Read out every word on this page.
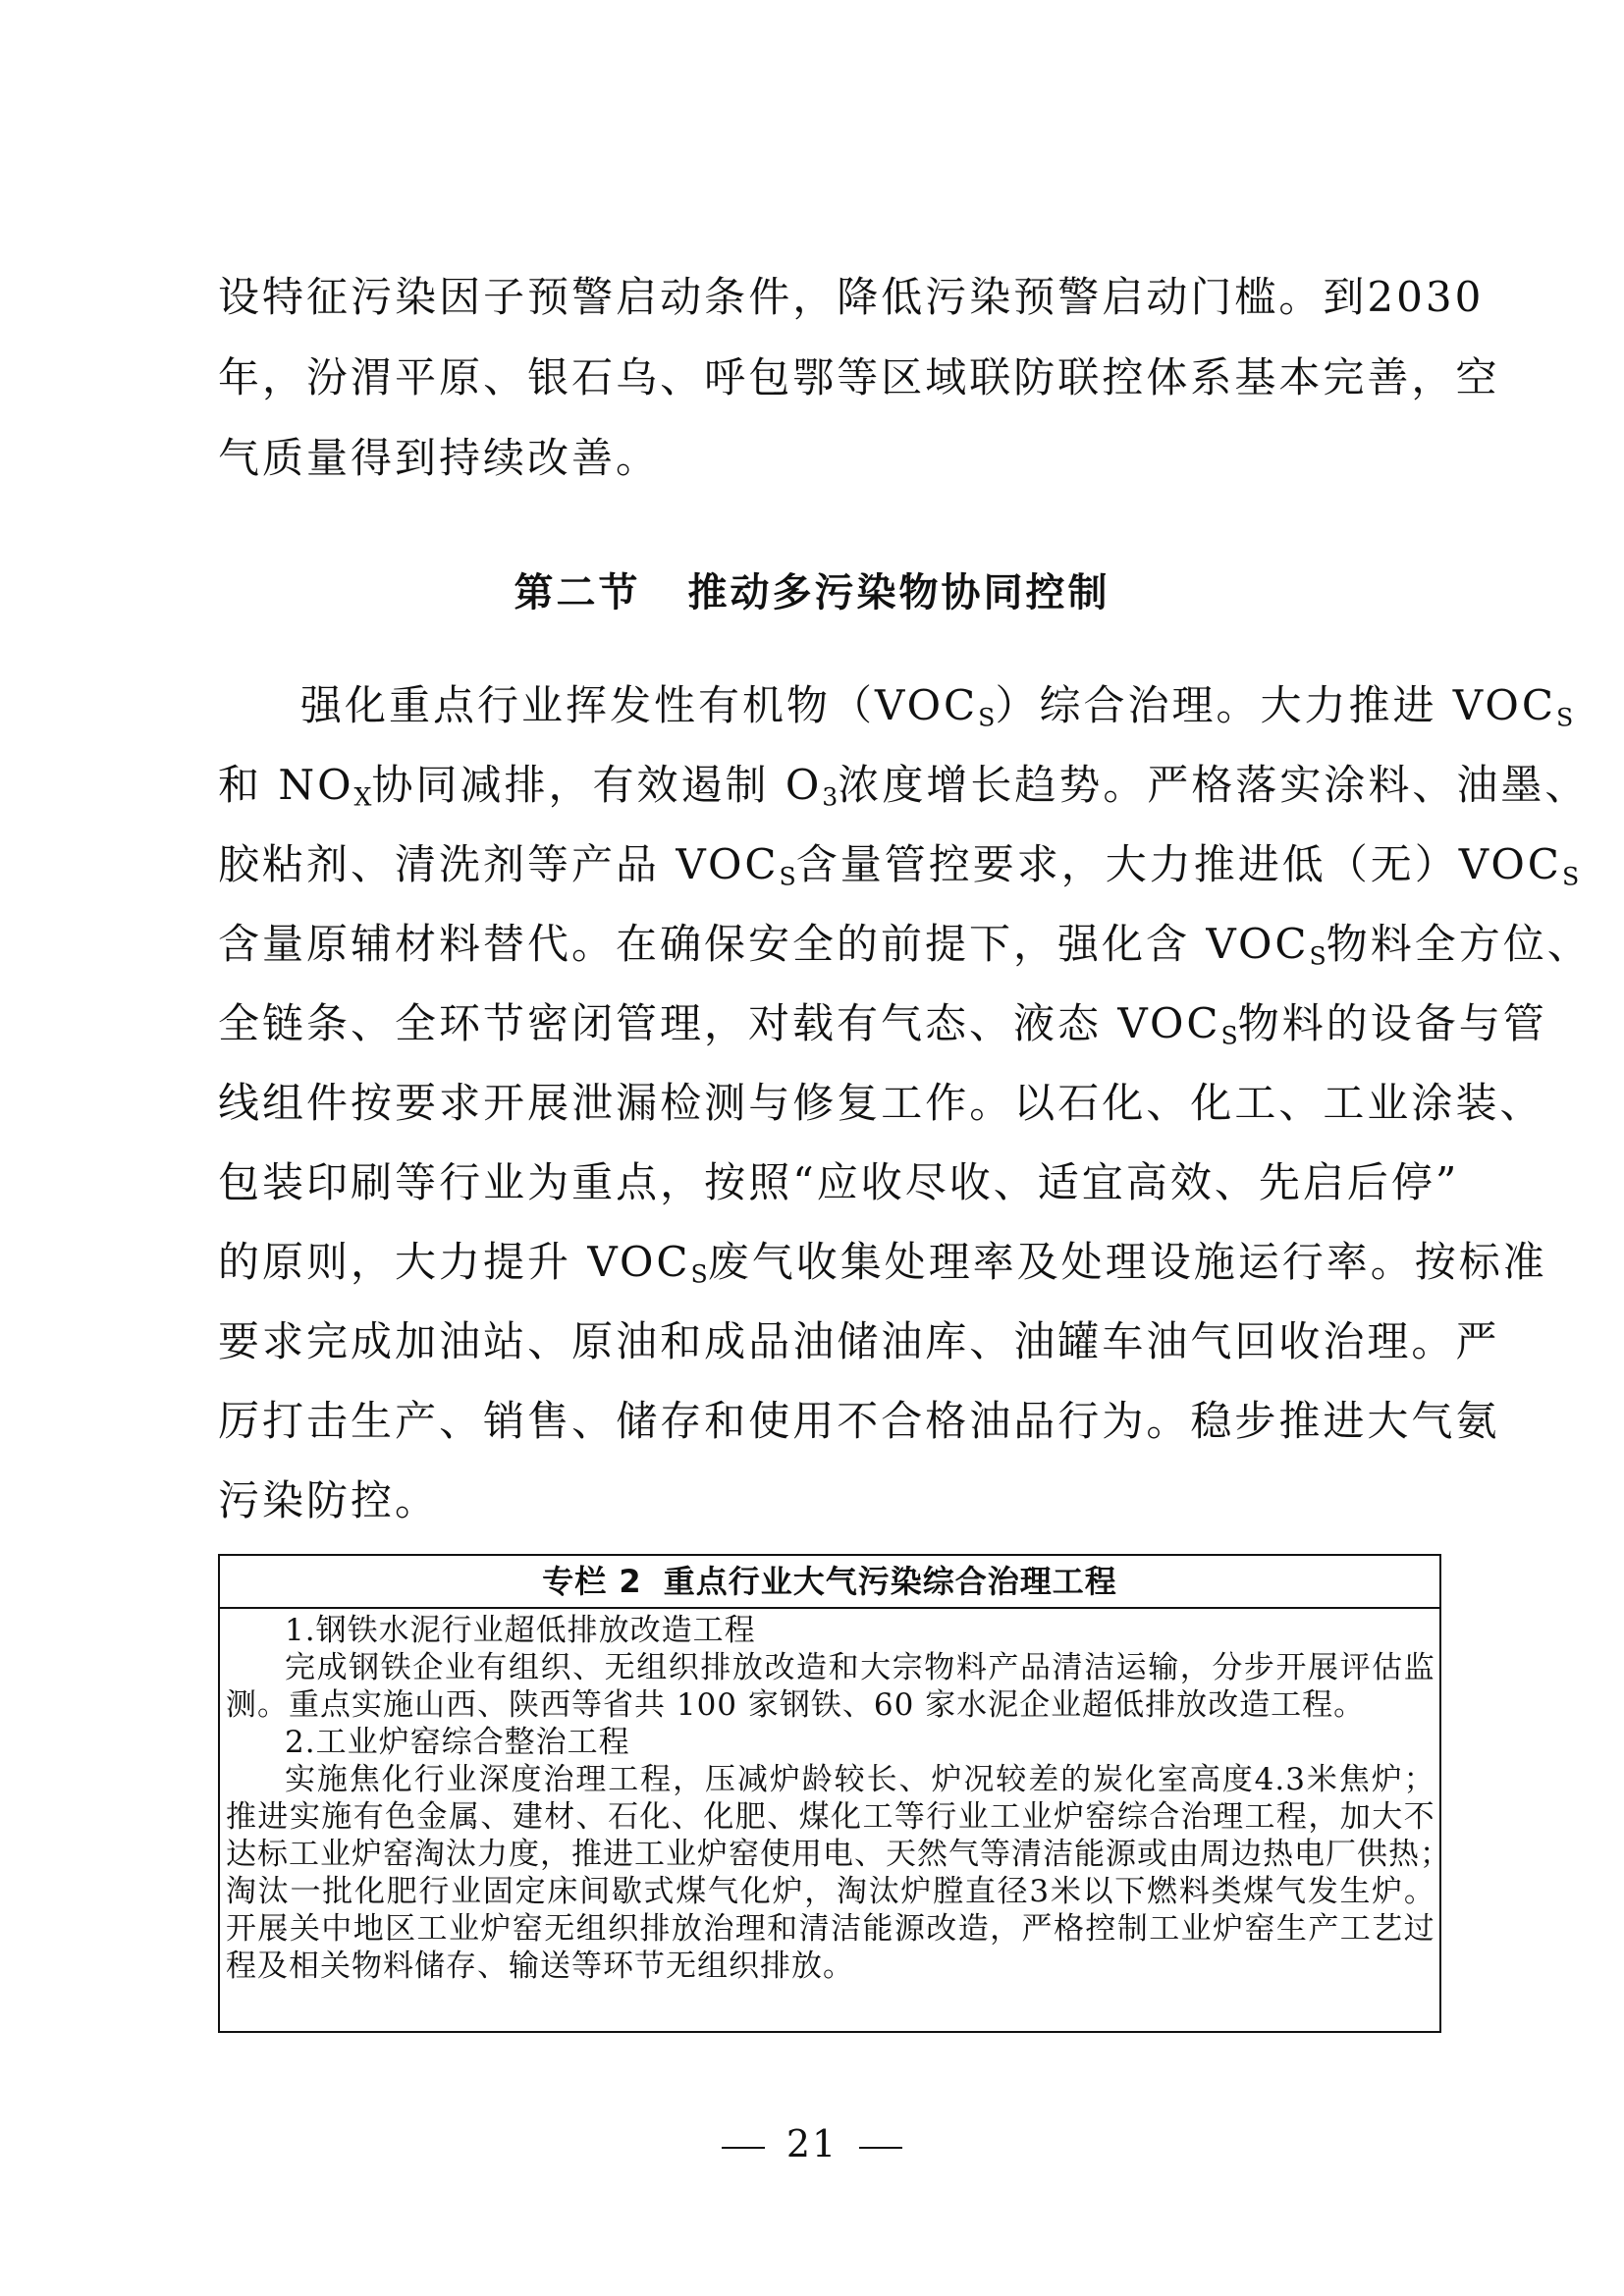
设 特 征 污 染 因 子 预 警 启 动 条 件 ， 降 低 污 染 预 警 启 动 门 槛 。 到 2030
年 ， 汾 渭 平 原 、 银 石 乌 、 呼 包 鄂 等 区 域 联 防 联 控 体 系 基 本 完 善 ， 空
气质量得到持续改善。
第二节 推动多污染物协同控制
强化重点行业挥发性有机物$(VOC_S)$综合治理。大力推进 $VOC_S$
和 $NO_X$协同减排，有效遏制 $O_3$浓度增长趋势。严格落实涂料、油墨、
胶粘剂、清洗剂等产品 $VOC_S$含量管控要求，大力推进低（无）$VOC_S$
含量原辅材料替代。在确保安全的前提下，强化含 $VOC_S$物料全方位、
全链条、全环节密闭管理，对载有气态、液态 $VOC_S$物料的设备与管
线 组 件 按 要 求 开 展 泄 漏 检 测 与 修 复 工 作 。 以 石 化 、 化 工 、 工 业 涂 装 、
包 装 印 刷 等 行 业 为 重 点 ， 按 照 “ 应 收 尽 收 、 适 宜 高 效 、 先 启 后 停 ”
的原则，大力提升 $VOC_S$废气收集处理率及处理设施运行率。按标准
要 求 完 成 加 油 站 、 原 油 和 成 品 油 储 油 库 、 油 罐 车 油 气 回 收 治 理 。 严
厉 打 击 生 产 、 销 售 、 储 存 和 使 用 不 合 格 油 品 行 为 。 稳 步 推 进 大 气 氨
污染防控。
专栏 2 重点行业大气污染综合治理工程
1.钢铁水泥行业超低排放改造工程
完 成 钢 铁 企 业 有 组 织 、 无 组 织 排 放 改 造 和 大 宗 物 料 产 品 清 洁 运 输 ， 分 步 开 展 评 估 监
测。重点实施山西、陕西等省共 100 家钢铁、60 家水泥企业超低排放改造工程。
2.工业炉窑综合整治工程
实 施 焦 化 行 业 深 度 治 理 工 程 ， 压 减 炉 龄 较 长 、 炉 况 较 差 的 炭 化 室 高 度 4.3 米 焦 炉 ；
推 进 实 施 有 色 金 属 、 建 材 、 石 化 、 化 肥 、 煤 化 工 等 行 业 工 业 炉 窑 综 合 治 理 工 程 ， 加 大 不
达 标 工 业 炉 窑 淘 汰 力 度 ， 推 进 工 业 炉 窑 使 用 电 、 天 然 气 等 清 洁 能 源 或 由 周 边 热 电 厂 供 热 ；
淘 汰 一 批 化 肥 行 业 固 定 床 间 歇 式 煤 气 化 炉 ， 淘 汰 炉 膛 直 径 3 米 以 下 燃 料 类 煤 气 发 生 炉 。
开 展 关 中 地 区 工 业 炉 窑 无 组 织 排 放 治 理 和 清 洁 能 源 改 造 ， 严 格 控 制 工 业 炉 窑 生 产 工 艺 过
程及相关物料储存、输送等环节无组织排放。
21
